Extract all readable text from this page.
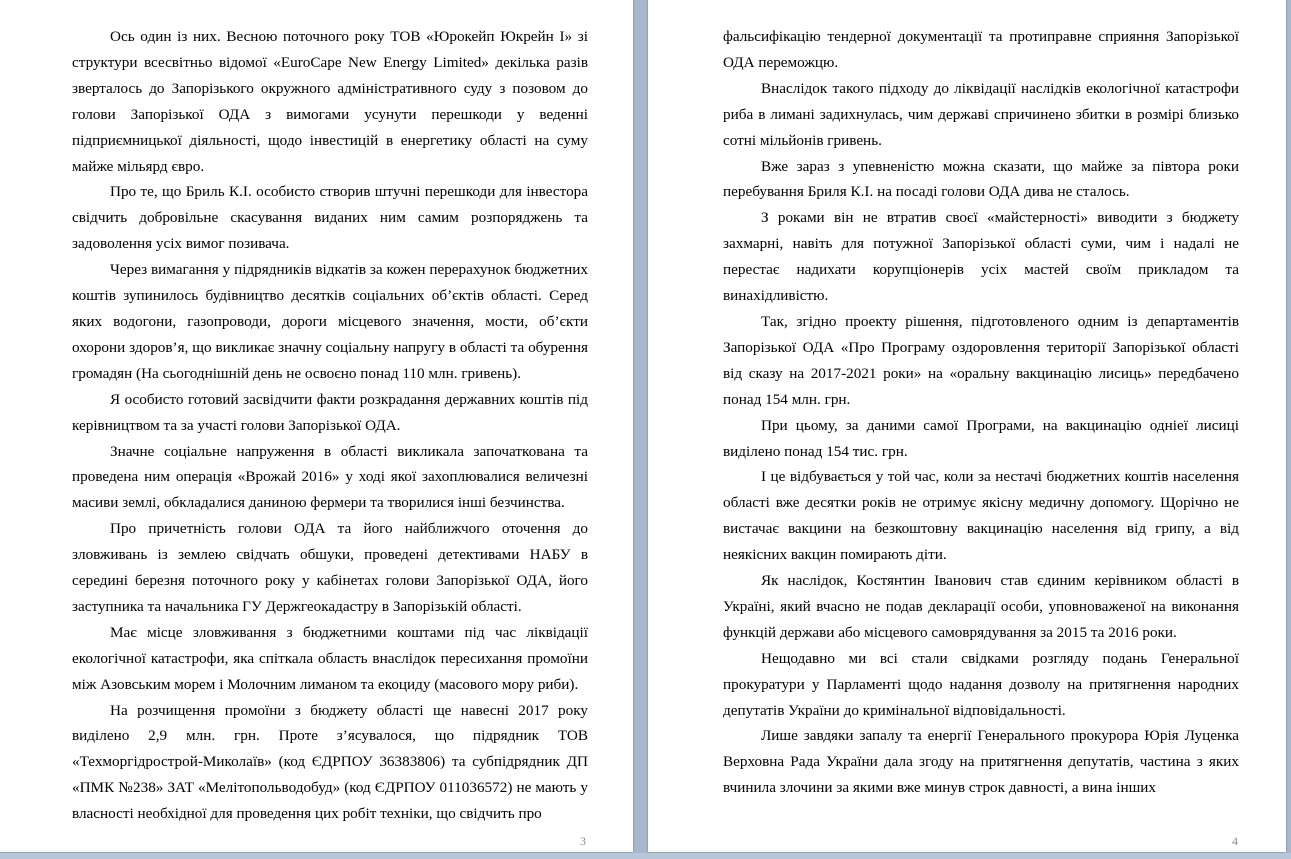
Ось один із них. Весною поточного року ТОВ «Юрокейп Юкрейн І» зі структури всесвітньо відомої «EuroCape New Energy Limited» декілька разів зверталось до Запорізького окружного адміністративного суду з позовом до голови Запорізької ОДА з вимогами усунути перешкоди у веденні підприємницької діяльності, щодо інвестицій в енергетику області на суму майже мільярд євро.

Про те, що Бриль К.І. особисто створив штучні перешкоди для інвестора свідчить добровільне скасування виданих ним самим розпоряджень та задоволення усіх вимог позивача.

Через вимагання у підрядників відкатів за кожен перерахунок бюджетних коштів зупинилось будівництво десятків соціальних об’єктів області. Серед яких водогони, газопроводи, дороги місцевого значення, мости, об’єкти охорони здоров’я, що викликає значну соціальну напругу в області та обурення громадян (На сьогоднішній день не освоєно понад 110 млн. гривень).

Я особисто готовий засвідчити факти розкрадання державних коштів під керівництвом та за участі голови Запорізької ОДА.

Значне соціальне напруження в області викликала започаткована та проведена ним операція «Врожай 2016» у ході якої захоплювалися величезні масиви землі, обкладалися даниною фермери та творилися інші безчинства.

Про причетність голови ОДА та його найближчого оточення до зловживань із землею свідчать обшуки, проведені детективами НАБУ в середині березня поточного року у кабінетах голови Запорізької ОДА, його заступника та начальника ГУ Держгеокадастру в Запорізькій області.

Має місце зловживання з бюджетними коштами під час ліквідації екологічної катастрофи, яка спіткала область внаслідок пересихання промоїни між Азовським морем і Молочним лиманом та екоциду (масового мору риби).

На розчищення промоїни з бюджету області ще навесні 2017 року виділено 2,9 млн. грн. Проте з’ясувалося, що підрядник ТОВ «Техморгідрострой-Миколаїв» (код ЄДРПОУ 36383806) та субпідрядник ДП «ПМК №238» ЗАТ «Мелітопольводобуд» (код ЄДРПОУ 011036572) не мають у власності необхідної для проведення цих робіт техніки, що свідчить про

3

фальсифікацію тендерної документації та протиправне сприяння Запорізької ОДА переможцю.

Внаслідок такого підходу до ліквідації наслідків екологічної катастрофи риба в лимані задихнулась, чим державі спричинено збитки в розмірі близько сотні мільйонів гривень.

Вже зараз з упевненістю можна сказати, що майже за півтора роки перебування Бриля К.І. на посаді голови ОДА дива не сталось.

З роками він не втратив своєї «майстерності» виводити з бюджету захмарні, навіть для потужної Запорізької області суми, чим і надалі не перестає надихати корупціонерів усіх мастей своїм прикладом та винахідливістю.

Так, згідно проекту рішення, підготовленого одним із департаментів Запорізької ОДА «Про Програму оздоровлення території Запорізької області від сказу на 2017-2021 роки» на «оральну вакцинацію лисиць» передбачено понад 154 млн. грн.

При цьому, за даними самої Програми, на вакцинацію одніеї лисиці виділено понад 154 тис. грн.

І це відбувається у той час, коли за нестачі бюджетних коштів населення області вже десятки років не отримує якісну медичну допомогу. Щорічно не вистачає вакцини на безкоштовну вакцинацію населення від грипу, а від неякісних вакцин помирають діти.

Як наслідок, Костянтин Іванович став єдиним керівником області в Україні, який вчасно не подав декларації особи, уповноваженої на виконання функцій держави або місцевого самоврядування за 2015 та 2016 роки.

Нещодавно ми всі стали свідками розгляду подань Генеральної прокуратури у Парламенті щодо надання дозволу на притягнення народних депутатів України до кримінальної відповідальності.

Лише завдяки запалу та енергії Генерального прокурора Юрія Луценка Верховна Рада України дала згоду на притягнення депутатів, частина з яких вчинила злочини за якими вже минув строк давності, а вина інших

4
